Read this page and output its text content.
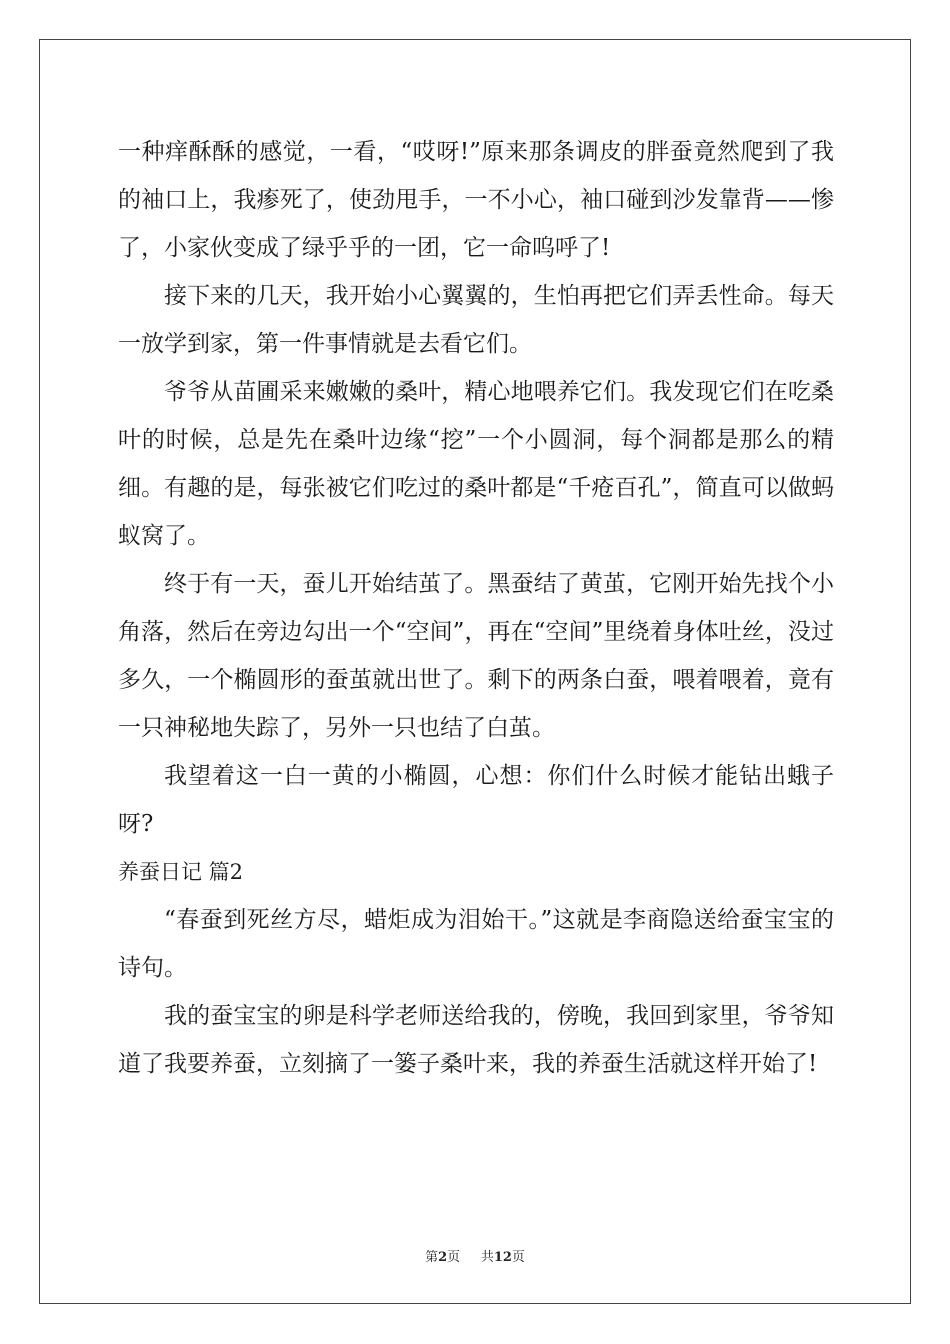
一种痒酥酥的感觉，一看，“哎呀!”原来那条调皮的胖蚕竟然爬到了我的袖口上，我瘆死了，使劲甩手，一不小心，袖口碰到沙发靠背——惨了，小家伙变成了绿乎乎的一团，它一命呜呼了!

接下来的几天，我开始小心翼翼的，生怕再把它们弄丢性命。每天一放学到家，第一件事情就是去看它们。

爷爷从苗圃采来嫩嫩的桑叶，精心地喂养它们。我发现它们在吃桑叶的时候，总是先在桑叶边缘“挖”一个小圆洞，每个洞都是那么的精细。有趣的是，每张被它们吃过的桑叶都是“千疮百孔”，简直可以做蚂蚁窝了。

终于有一天，蚕儿开始结茧了。黑蚕结了黄茧，它刚开始先找个小角落，然后在旁边勾出一个“空间”，再在“空间”里绕着身体吐丝，没过多久，一个椭圆形的蚕茧就出世了。剩下的两条白蚕，喂着喂着，竟有一只神秘地失踪了，另外一只也结了白茧。

我望着这一白一黄的小椭圆，心想：你们什么时候才能钻出蛾子呀?

养蚕日记 篇2

“春蚕到死丝方尽，蜡炬成为泪始干。”这就是李商隐送给蚕宝宝的诗句。

我的蚕宝宝的卵是科学老师送给我的，傍晚，我回到家里，爷爷知道了我要养蚕，立刻摘了一篓子桑叶来，我的养蚕生活就这样开始了!

第2页 共12页
